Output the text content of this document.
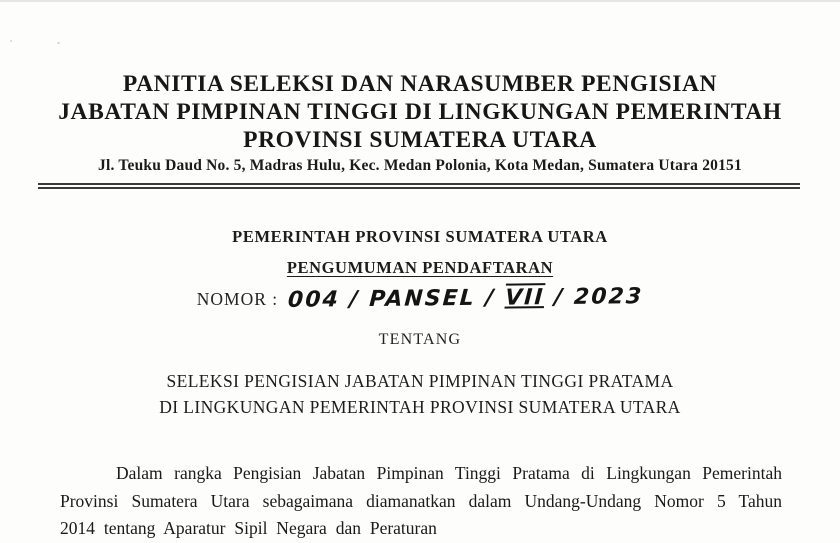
PANITIA SELEKSI DAN NARASUMBER PENGISIAN
JABATAN PIMPINAN TINGGI DI LINGKUNGAN PEMERINTAH
PROVINSI SUMATERA UTARA
Jl. Teuku Daud No. 5, Madras Hulu, Kec. Medan Polonia, Kota Medan, Sumatera Utara 20151
PEMERINTAH PROVINSI SUMATERA UTARA
PENGUMUMAN PENDAFTARAN
NOMOR : 004 / PANSEL / VII / 2023
TENTANG
SELEKSI PENGISIAN JABATAN PIMPINAN TINGGI PRATAMA
DI LINGKUNGAN PEMERINTAH PROVINSI SUMATERA UTARA

Dalam rangka Pengisian Jabatan Pimpinan Tinggi Pratama di Lingkungan Pemerintah Provinsi Sumatera Utara sebagaimana diamanatkan dalam Undang-Undang Nomor 5 Tahun 2014 tentang Aparatur Sipil Negara dan Peraturan
